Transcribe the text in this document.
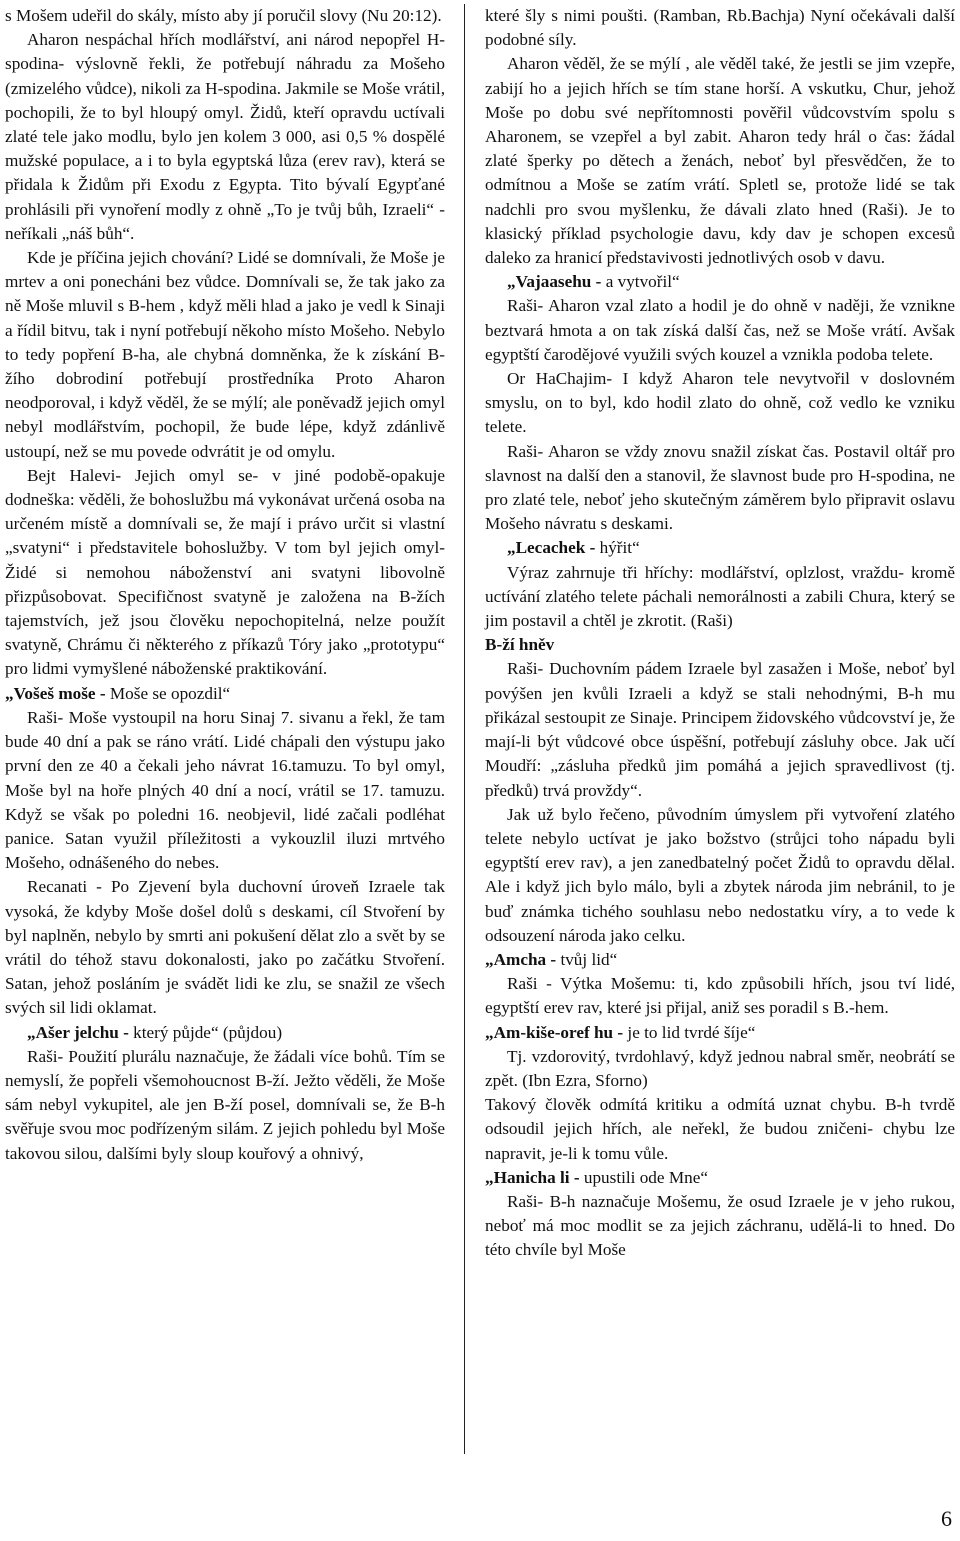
s Mošem udeřil do skály, místo aby jí poručil slovy (Nu 20:12).

Aharon nespáchal hřích modlářství, ani národ nepopřel H-spodina- výslovně řekli, že potřebují náhradu za Mošeho (zmizelého vůdce), nikoli za H-spodina. Jakmile se Moše vrátil, pochopili, že to byl hloupý omyl. Židů, kteří opravdu uctívali zlaté tele jako modlu, bylo jen kolem 3 000, asi 0,5 % dospělé mužské populace, a i to byla egyptská lůza (erev rav), která se přidala k Židům při Exodu z Egypta. Tito bývalí Egypťané prohlásili při vynoření modly z ohně „To je tvůj bůh, Izraeli“ - neříkali „náš bůh“.

Kde je příčina jejich chování? Lidé se domnívali, že Moše je mrtev a oni ponecháni bez vůdce. Domnívali se, že tak jako za ně Moše mluvil s B-hem , když měli hlad a jako je vedl k Sinaji a řídil bitvu, tak i nyní potřebují někoho místo Mošeho. Nebylo to tedy popření B-ha, ale chybná domněnka, že k získání B-žího dobrodiní potřebují prostředníka Proto Aharon neodporoval, i když věděl, že se mýlí; ale poněvadž jejich omyl nebyl modlářstvím, pochopil, že bude lépe, když zdánlivě ustoupí, než se mu povede odvrátit je od omylu.

Bejt Halevi- Jejich omyl se- v jiné podobě-opakuje dodneška: věděli, že bohoslužbu má vykonávat určená osoba na určeném místě a domnívali se, že mají i právo určit si vlastní „svatyni“ i představitele bohoslužby. V tom byl jejich omyl- Židé si nemohou náboženství ani svatyni libovolně přizpůsobovat. Specifičnost svatyně je založena na B-žích tajemstvích, jež jsou člověku nepochopitelná, nelze použít svatyně, Chrámu či některého z příkazů Tóry jako „prototypu“ pro lidmi vymyšlené náboženské praktikování.

„Vošeš moše - Moše se opozdil“

Raši- Moše vystoupil na horu Sinaj 7. sivanu a řekl, že tam bude 40 dní a pak se ráno vrátí. Lidé chápali den výstupu jako první den ze 40 a čekali jeho návrat 16.tamuzu. To byl omyl, Moše byl na hoře plných 40 dní a nocí, vrátil se 17. tamuzu. Když se však po poledni 16. neobjevil, lidé začali podléhat panice. Satan využil příležitosti a vykouzlil iluzi mrtvého Mošeho, odnášeného do nebes.

Recanati - Po Zjevení byla duchovní úroveň Izraele tak vysoká, že kdyby Moše došel dolů s deskami, cíl Stvoření by byl naplněn, nebylo by smrti ani pokušení dělat zlo a svět by se vrátil do téhož stavu dokonalosti, jako po začátku Stvoření. Satan, jehož posláním je svádět lidi ke zlu, se snažil ze všech svých sil lidi oklamat.

„Ašer jelchu - který půjde“ (půjdou)

Raši- Použití plurálu naznačuje, že žádali více bohů. Tím se nemyslí, že popřeli všemohoucnost B-ží. Ježto věděli, že Moše sám nebyl vykupitel, ale jen B-ží posel, domnívali se, že B-h svěřuje svou moc podřízeným silám. Z jejich pohledu byl Moše takovou silou, dalšími byly sloup kouřový a ohnivý,

které šly s nimi poušti. (Ramban, Rb.Bachja) Nyní očekávali další podobné síly.

Aharon věděl, že se mýlí , ale věděl také, že jestli se jim vzepře, zabijí ho a jejich hřích se tím stane horší. A vskutku, Chur, jehož Moše po dobu své nepřítomnosti pověřil vůdcovstvím spolu s Aharonem, se vzepřel a byl zabit. Aharon tedy hrál o čas: žádal zlaté šperky po dětech a ženách, neboť byl přesvědčen, že to odmítnou a Moše se zatím vrátí. Spletl se, protože lidé se tak nadchli pro svou myšlenku, že dávali zlato hned (Raši). Je to klasický příklad psychologie davu, kdy dav je schopen excesů daleko za hranicí představivosti jednotlivých osob v davu.

„Vajaasehu - a vytvořil“

Raši- Aharon vzal zlato a hodil je do ohně v naději, že vznikne beztvará hmota a on tak získá další čas, než se Moše vrátí. Avšak egyptští čarodějové využili svých kouzel a vznikla podoba telete.

Or HaChajim- I když Aharon tele nevytvořil v doslovném smyslu, on to byl, kdo hodil zlato do ohně, což vedlo ke vzniku telete.

Raši- Aharon se vždy znovu snažil získat čas. Postavil oltář pro slavnost na další den a stanovil, že slavnost bude pro H-spodina, ne pro zlaté tele, neboť jeho skutečným záměrem bylo připravit oslavu Mošeho návratu s deskami.

„Lecachek - hýřit“

Výraz zahrnuje tři hříchy: modlářství, oplzlost, vraždu- kromě uctívání zlatého telete páchali nemorálnosti a zabili Chura, který se jim postavil a chtěl je zkrotit. (Raši)

B-ží hněv

Raši- Duchovním pádem Izraele byl zasažen i Moše, neboť byl povýšen jen kvůli Izraeli a když se stali nehodnými, B-h mu přikázal sestoupit ze Sinaje. Principem židovského vůdcovství je, že mají-li být vůdcové obce úspěšní, potřebují zásluhy obce. Jak učí Moudří: „zásluha předků jim pomáhá a jejich spravedlivost (tj. předků) trvá provždy“.

Jak už bylo řečeno, původním úmyslem při vytvoření zlatého telete nebylo uctívat je jako božstvo (strůjci toho nápadu byli egyptští erev rav), a jen zanedbatelný počet Židů to opravdu dělal. Ale i když jich bylo málo, byli a zbytek národa jim nebránil, to je buď známka tichého souhlasu nebo nedostatku víry, a to vede k odsouzení národa jako celku.

„Amcha - tvůj lid“

Raši - Výtka Mošemu: ti, kdo způsobili hřích, jsou tví lidé, egyptští erev rav, které jsi přijal, aniž ses poradil s B.-hem.

„Am-kiše-oref hu - je to lid tvrdé šíje“

Tj. vzdorovitý, tvrdohlavý, když jednou nabral směr, neobrátí se zpět. (Ibn Ezra, Sforno)

Takový člověk odmítá kritiku a odmítá uznat chybu. B-h tvrdě odsoudil jejich hřích, ale neřekl, že budou zničeni- chybu lze napravit, je-li k tomu vůle.

„Hanicha li - upustili ode Mne“

Raši- B-h naznačuje Mošemu, že osud Izraele je v jeho rukou, neboť má moc modlit se za jejich záchranu, udělá-li to hned. Do této chvíle byl Moše

6
